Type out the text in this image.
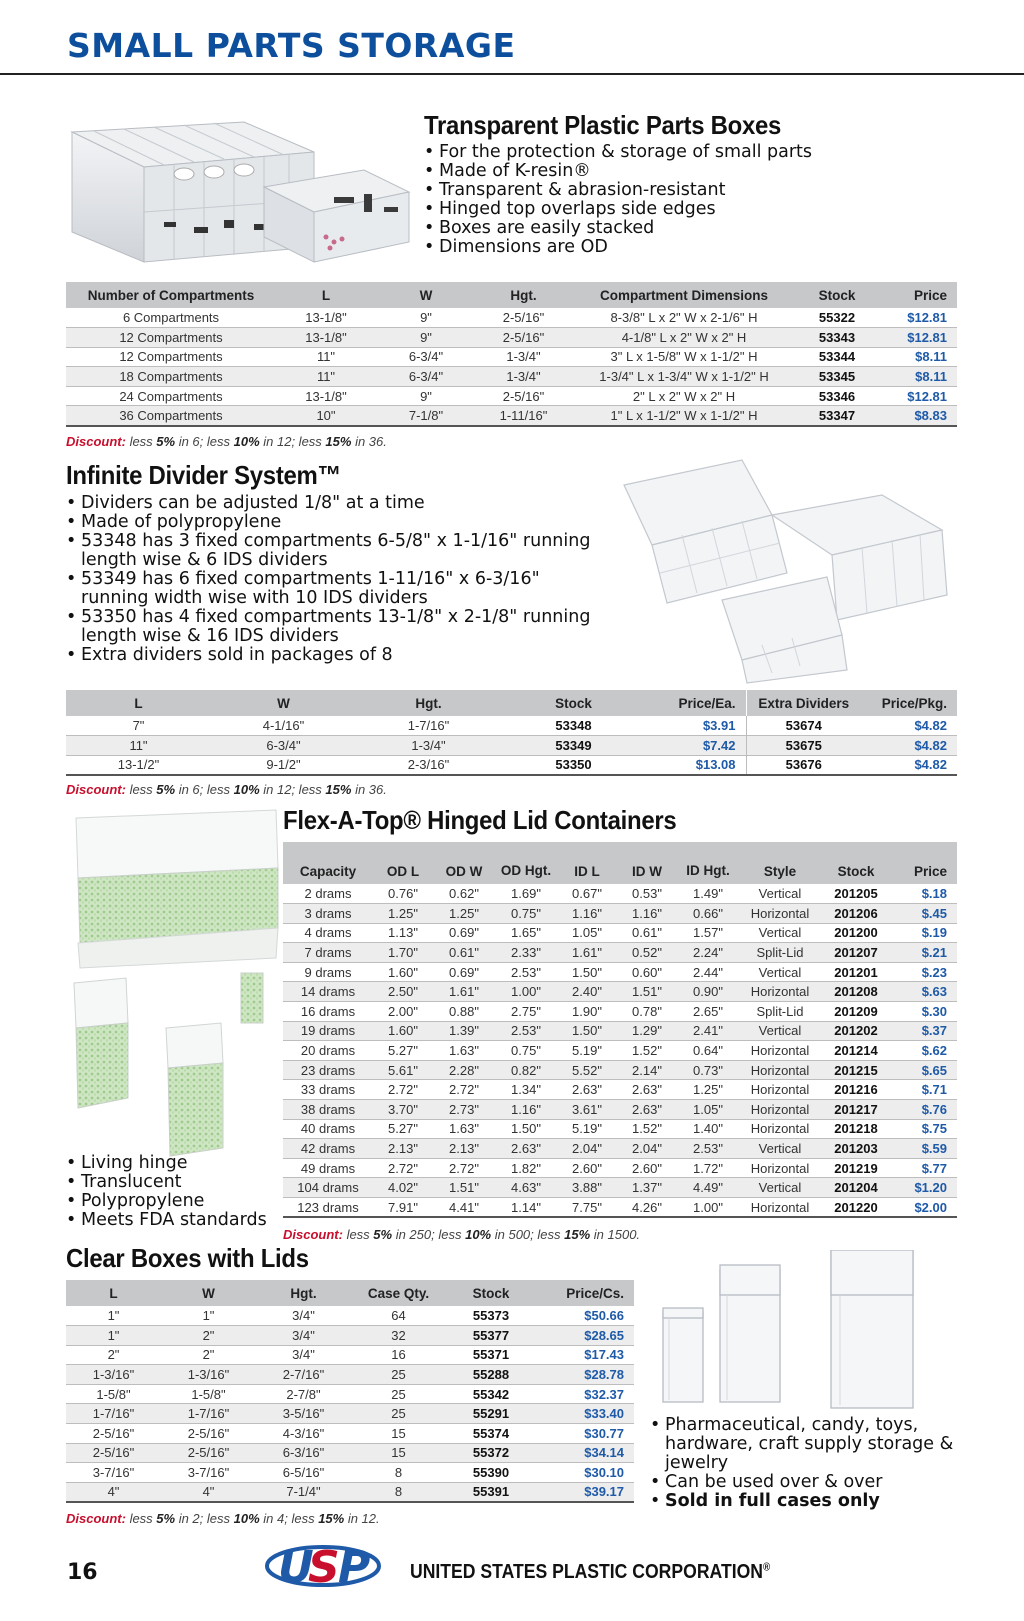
SMALL PARTS STORAGE
Transparent Plastic Parts Boxes
• For the protection & storage of small parts
• Made of K-resin®
• Transparent & abrasion-resistant
• Hinged top overlaps side edges
• Boxes are easily stacked
• Dimensions are OD
Number of Compartments	L	W	Hgt.	Compartment Dimensions	Stock	Price
6 Compartments	13-1/8"	9"	2-5/16"	8-3/8" L x 2" W x 2-1/6" H	55322	$12.81
12 Compartments	13-1/8"	9"	2-5/16"	4-1/8" L x 2" W x 2" H	53343	$12.81
12 Compartments	11"	6-3/4"	1-3/4"	3" L x 1-5/8" W x 1-1/2" H	53344	$8.11
18 Compartments	11"	6-3/4"	1-3/4"	1-3/4" L x 1-3/4" W x 1-1/2" H	53345	$8.11
24 Compartments	13-1/8"	9"	2-5/16"	2" L x 2" W x 2" H	53346	$12.81
36 Compartments	10"	7-1/8"	1-11/16"	1" L x 1-1/2" W x 1-1/2" H	53347	$8.83
Discount: less 5% in 6; less 10% in 12; less 15% in 36.
Infinite Divider System™
• Dividers can be adjusted 1/8" at a time
• Made of polypropylene
• 53348 has 3 fixed compartments 6-5/8" x 1-1/16" running length wise & 6 IDS dividers
• 53349 has 6 fixed compartments 1-11/16" x 6-3/16" running width wise with 10 IDS dividers
• 53350 has 4 fixed compartments 13-1/8" x 2-1/8" running length wise & 16 IDS dividers
• Extra dividers sold in packages of 8
L	W	Hgt.	Stock	Price/Ea.	Extra Dividers	Price/Pkg.
7"	4-1/16"	1-7/16"	53348	$3.91	53674	$4.82
11"	6-3/4"	1-3/4"	53349	$7.42	53675	$4.82
13-1/2"	9-1/2"	2-3/16"	53350	$13.08	53676	$4.82
Discount: less 5% in 6; less 10% in 12; less 15% in 36.
Flex-A-Top® Hinged Lid Containers
Capacity	OD L	OD W	OD Hgt.	ID L	ID W	ID Hgt.	Style	Stock	Price
2 drams	0.76"	0.62"	1.69"	0.67"	0.53"	1.49"	Vertical	201205	$.18
3 drams	1.25"	1.25"	0.75"	1.16"	1.16"	0.66"	Horizontal	201206	$.45
4 drams	1.13"	0.69"	1.65"	1.05"	0.61"	1.57"	Vertical	201200	$.19
7 drams	1.70"	0.61"	2.33"	1.61"	0.52"	2.24"	Split-Lid	201207	$.21
9 drams	1.60"	0.69"	2.53"	1.50"	0.60"	2.44"	Vertical	201201	$.23
14 drams	2.50"	1.61"	1.00"	2.40"	1.51"	0.90"	Horizontal	201208	$.63
16 drams	2.00"	0.88"	2.75"	1.90"	0.78"	2.65"	Split-Lid	201209	$.30
19 drams	1.60"	1.39"	2.53"	1.50"	1.29"	2.41"	Vertical	201202	$.37
20 drams	5.27"	1.63"	0.75"	5.19"	1.52"	0.64"	Horizontal	201214	$.62
23 drams	5.61"	2.28"	0.82"	5.52"	2.14"	0.73"	Horizontal	201215	$.65
33 drams	2.72"	2.72"	1.34"	2.63"	2.63"	1.25"	Horizontal	201216	$.71
38 drams	3.70"	2.73"	1.16"	3.61"	2.63"	1.05"	Horizontal	201217	$.76
40 drams	5.27"	1.63"	1.50"	5.19"	1.52"	1.40"	Horizontal	201218	$.75
42 drams	2.13"	2.13"	2.63"	2.04"	2.04"	2.53"	Vertical	201203	$.59
49 drams	2.72"	2.72"	1.82"	2.60"	2.60"	1.72"	Horizontal	201219	$.77
104 drams	4.02"	1.51"	4.63"	3.88"	1.37"	4.49"	Vertical	201204	$1.20
123 drams	7.91"	4.41"	1.14"	7.75"	4.26"	1.00"	Horizontal	201220	$2.00
• Living hinge
• Translucent
• Polypropylene
• Meets FDA standards
Discount: less 5% in 250; less 10% in 500; less 15% in 1500.
Clear Boxes with Lids
L	W	Hgt.	Case Qty.	Stock	Price/Cs.
1"	1"	3/4"	64	55373	$50.66
1"	2"	3/4"	32	55377	$28.65
2"	2"	3/4"	16	55371	$17.43
1-3/16"	1-3/16"	2-7/16"	25	55288	$28.78
1-5/8"	1-5/8"	2-7/8"	25	55342	$32.37
1-7/16"	1-7/16"	3-5/16"	25	55291	$33.40
2-5/16"	2-5/16"	4-3/16"	15	55374	$30.77
2-5/16"	2-5/16"	6-3/16"	15	55372	$34.14
3-7/16"	3-7/16"	6-5/16"	8	55390	$30.10
4"	4"	7-1/4"	8	55391	$39.17
Discount: less 5% in 2; less 10% in 4; less 15% in 12.
• Pharmaceutical, candy, toys, hardware, craft supply storage & jewelry
• Can be used over & over
• Sold in full cases only
16	U
S
P UNITED STATES PLASTIC CORPORATION®
